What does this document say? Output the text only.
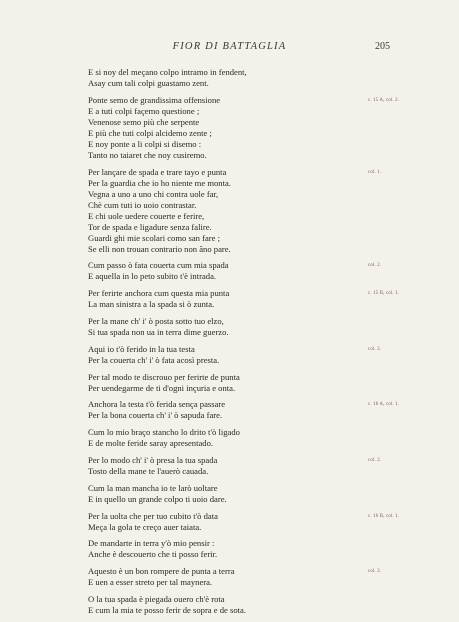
FIOR DI BATTAGLIA	205
E si noy del meçano colpo intramo in fendent,
Asay cum tali colpi guastamo zent.
Ponte semo de grandissima offensione	c. 15 A, col. 2.
E a tuti colpi façemo questione ;
Venenose semo più che serpente
E più che tuti colpi alcidemo zente ;
E noy ponte a li colpi si disemo :
Tanto no taiaret che noy cusiremo.
Per lançare de spada e trare tayo e punta	col. 1.
Per la guardia che io ho niente me monta.
Vegna a uno a uno chi contra uole far,
Chè cum tuti io uoio contrastar.
E chi uole uedere couerte e ferire,
Tor de spada e ligadure senza falire.
Guardi ghi mie scolari como san fare ;
Se elli non trouan contrario non ăno pare.
Cum passo ò fata couerta cum mia spada	col. 2.
E aquella in lo peto subito t'è intrada.
Per ferirte anchora cum questa mia punta	c. 15 B, col. 1.
La man sinistra a la spada si ò zunta.
Per la mane ch' i' ò posta sotto tuo elzo,
Si tua spada non ua in terra dime guerzo.
Aqui io t'ò ferido in la tua testa	col. 2.
Per la couerta ch' i' ò fata acosì presta.
Per tal modo te discrouo per ferirte de punta
Per uendegarme de ti d'ogni inçuria e onta.
Anchora la testa t'ò ferida sença passare	c. 16 A, col. 1.
Per la bona couerta ch' i' ò sapuda fare.
Cum lo mio braço stancho lo drito t'ò ligado
E de molte feride saray apresentado.
Per lo modo ch' i' ò presa la tua spada	col. 2.
Tosto della mane te l'auerò cauada.
Cum la man mancha io te larò uoltare
E in quello un grande colpo ti uoio dare.
Per la uolta che per tuo cubito t'ò data	c. 16 B, col. 1.
Meça la gola te creço auer taiata.
De mandarte in terra y'ò mio pensir :
Anche è descouerto che ti posso ferir.
Aquesto è un bon rompere de punta a terra	col. 2.
E uen a esser streto per tal maynera.
O la tua spada è piegada ouero ch'è rota
E cum la mia te posso ferir de sopra e de sota.
